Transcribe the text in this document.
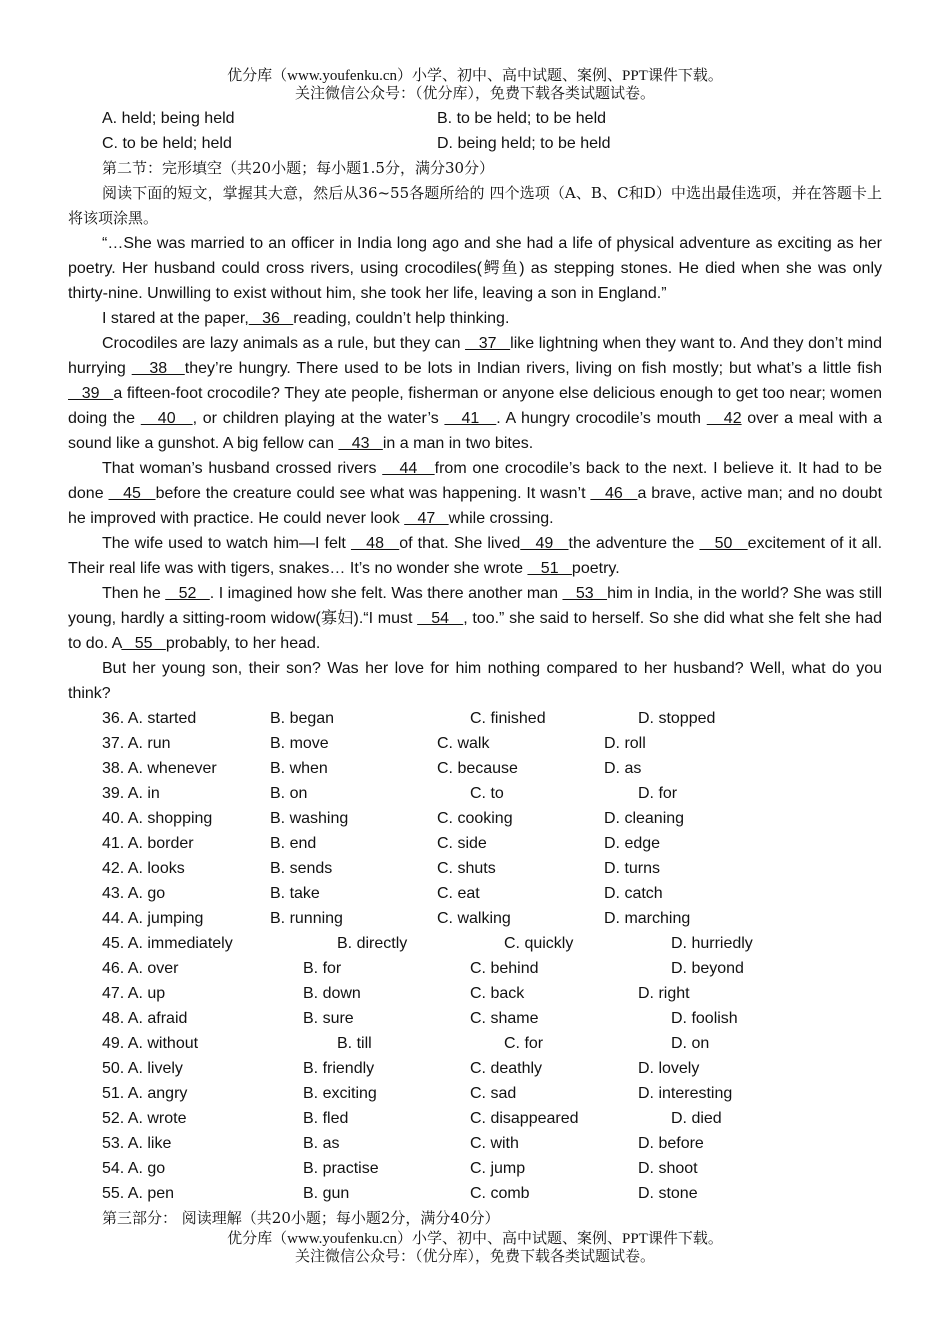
优分库（www.youfenku.cn）小学、初中、高中试题、案例、PPT课件下载。
关注微信公众号：（优分库），免费下载各类试题试卷。
A. held; being held	B. to be held; to be held
C. to be held; held	D. being held; to be held
第二节：完形填空（共20小题；每小题1.5分，满分30分）

阅读下面的短文，掌握其大意，然后从36~55各题所给的 四个选项（A、B、C和D）中选出最佳选项，并在答题卡上将该项涂黑。

“…She was married to an officer in India long ago and she had a life of physical adventure as exciting as her poetry. Her husband could cross rivers, using crocodiles(鳄鱼) as stepping stones. He died when she was only thirty-nine. Unwilling to exist without him, she took her life, leaving a son in England.”

I stared at the paper,   36   reading, couldn’t help thinking.

Crocodiles are lazy animals as a rule, but they can    37   like lightning when they want to. And they don’t mind hurrying    38   they’re hungry. There used to be lots in Indian rivers, living on fish mostly; but what’s a little fish    39   a fifteen-foot crocodile? They ate people, fisherman or anyone else delicious enough to get too near; women doing the    40   , or children playing at the water’s    41   . A hungry crocodile’s mouth    42 over a meal with a sound like a gunshot. A big fellow can    43   in a man in two bites.

That woman’s husband crossed rivers    44   from one crocodile’s back to the next. I believe it. It had to be done    45   before the creature could see what was happening. It wasn’t    46   a brave, active man; and no doubt he improved with practice. He could never look    47   while crossing.

The wife used to watch him—I felt    48   of that. She lived   49   the adventure the    50   excitement of it all. Their real life was with tigers, snakes… It’s no wonder she wrote    51   poetry.

Then he    52   . I imagined how she felt. Was there another man    53   him in India, in the world? She was still young, hardly a sitting-room widow(寡妇).“I must    54   , too.” she said to herself. So she did what she felt she had to do. A   55   probably, to her head.

But her young son, their son? Was her love for him nothing compared to her husband? Well, what do you think?

36. A. started	B. began	C. finished	D. stopped
37. A. run	B. move	C. walk	D. roll
38. A. whenever	B. when	C. because	D. as
39. A. in	B. on	C. to	D. for
40. A. shopping	B. washing	C. cooking	D. cleaning
41. A. border	B. end	C. side	D. edge
42. A. looks	B. sends	C. shuts	D. turns
43. A. go	B. take	C. eat	D. catch
44. A. jumping	B. running	C. walking	D. marching
45. A. immediately	B. directly	C. quickly	D. hurriedly
46. A. over	B. for	C. behind	D. beyond
47. A. up	B. down	C. back	D. right
48. A. afraid	B. sure	C. shame	D. foolish
49. A. without	B. till	C. for	D. on
50. A. lively	B. friendly	C. deathly	D. lovely
51. A. angry	B. exciting	C. sad	D. interesting
52. A. wrote	B. fled	C. disappeared	D. died
53. A. like	B. as	C. with	D. before
54. A. go	B. practise	C. jump	D. shoot
55. A. pen	B. gun	C. comb	D. stone
第三部分： 阅读理解（共20小题；每小题2分，满分40分）
优分库（www.youfenku.cn）小学、初中、高中试题、案例、PPT课件下载。
关注微信公众号：（优分库），免费下载各类试题试卷。
